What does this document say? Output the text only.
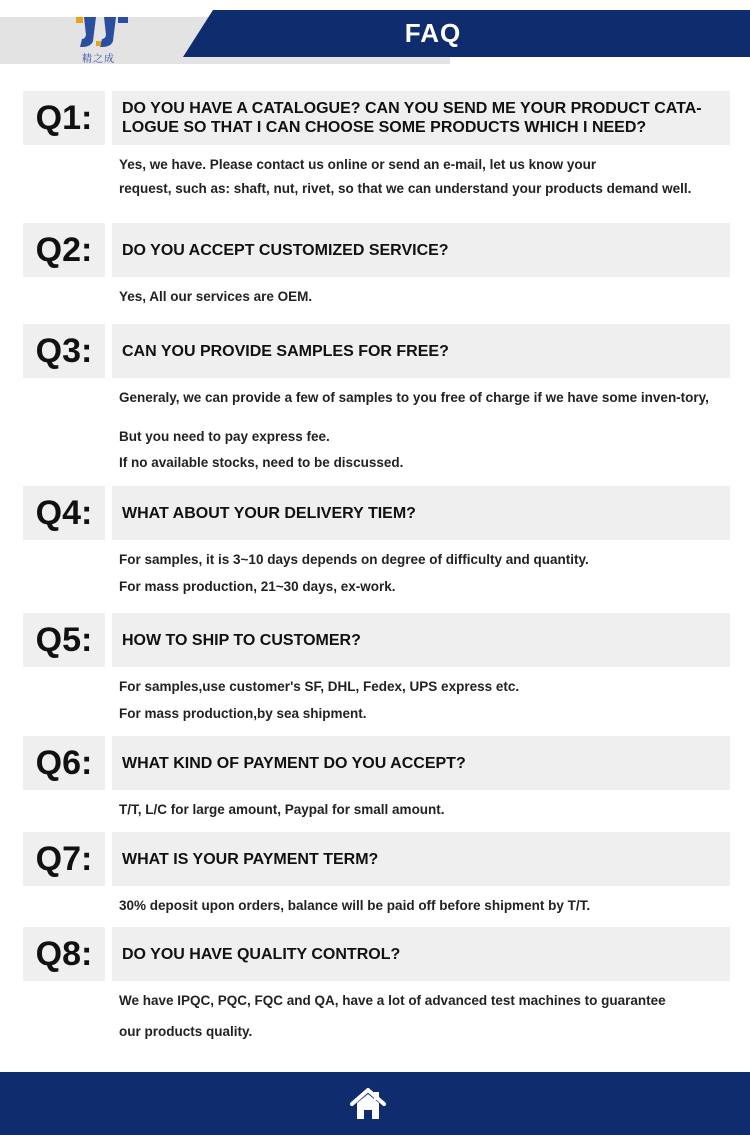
FAQ
精之成
Q1:	DO YOU HAVE A CATALOGUE? CAN YOU SEND ME YOUR PRODUCT CATA-LOGUE SO THAT I CAN CHOOSE SOME PRODUCTS WHICH I NEED?
Yes, we have. Please contact us online or send an e-mail, let us know your
request, such as: shaft, nut, rivet, so that we can understand your products demand well.
Q2:	DO YOU ACCEPT CUSTOMIZED SERVICE?
Yes, All our services are OEM.
Q3:	CAN YOU PROVIDE SAMPLES FOR FREE?
Generaly, we can provide a few of samples to you free of charge if we have some inven-tory,
But you need to pay express fee.
If no available stocks, need to be discussed.
Q4:	WHAT ABOUT YOUR DELIVERY TIEM?
For samples, it is 3~10 days depends on degree of difficulty and quantity.
For mass production, 21~30 days, ex-work.
Q5:	HOW TO SHIP TO CUSTOMER?
For samples,use customer's SF, DHL, Fedex, UPS express etc.
For mass production,by sea shipment.
Q6:	WHAT KIND OF PAYMENT DO YOU ACCEPT?
T/T, L/C for large amount, Paypal for small amount.
Q7:	WHAT IS YOUR PAYMENT TERM?
30% deposit upon orders, balance will be paid off before shipment by T/T.
Q8:	DO YOU HAVE QUALITY CONTROL?
We have IPQC, PQC, FQC and QA, have a lot of advanced test machines to guarantee
our products quality.
